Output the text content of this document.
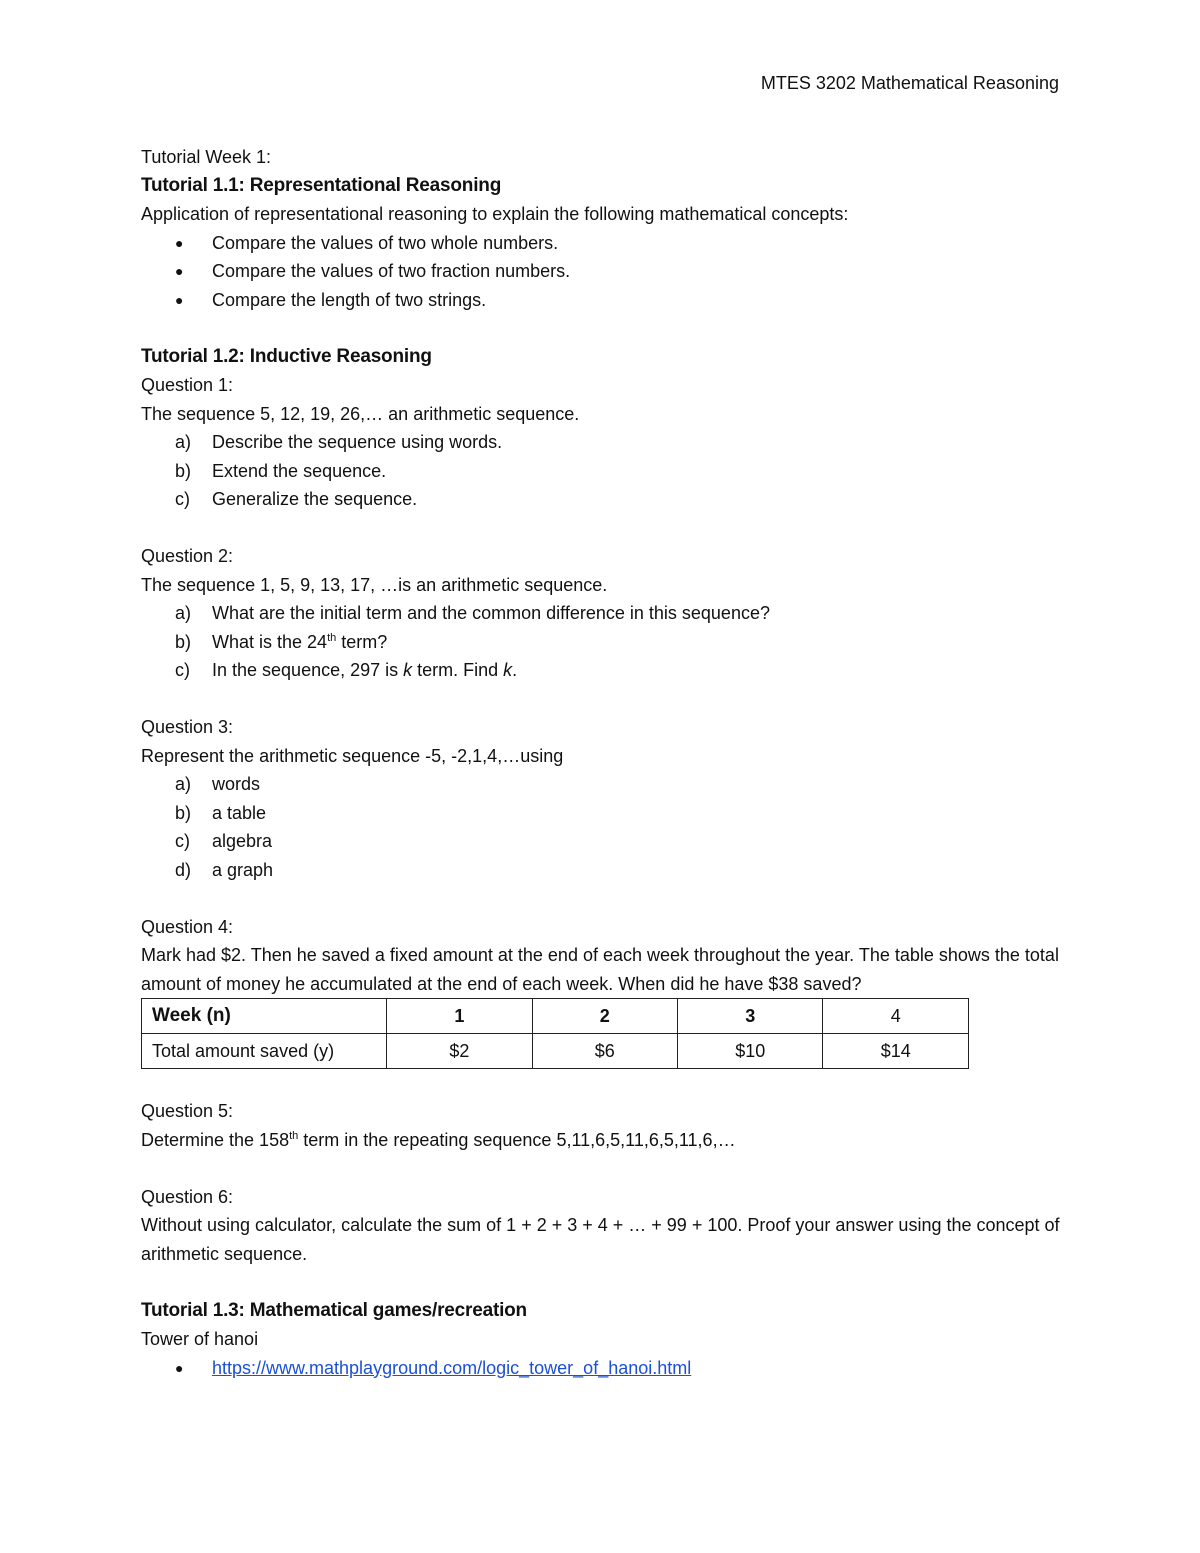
MTES 3202 Mathematical Reasoning
Tutorial Week 1:
Tutorial 1.1: Representational Reasoning
Application of representational reasoning to explain the following mathematical concepts:
● Compare the values of two whole numbers.
● Compare the values of two fraction numbers.
● Compare the length of two strings.
Tutorial 1.2: Inductive Reasoning
Question 1:
The sequence 5, 12, 19, 26,… an arithmetic sequence.
a) Describe the sequence using words.
b) Extend the sequence.
c) Generalize the sequence.
Question 2:
The sequence 1, 5, 9, 13, 17, …is an arithmetic sequence.
a) What are the initial term and the common difference in this sequence?
b) What is the 24th term?
c) In the sequence, 297 is k term. Find k.
Question 3:
Represent the arithmetic sequence -5, -2,1,4,…using
a) words
b) a table
c) algebra
d) a graph
Question 4:
Mark had $2. Then he saved a fixed amount at the end of each week throughout the year. The table shows the total amount of money he accumulated at the end of each week. When did he have $38 saved?
Week (n)	1	2	3	4
Total amount saved (y)	$2	$6	$10	$14
Question 5:
Determine the 158th term in the repeating sequence 5,11,6,5,11,6,5,11,6,…
Question 6:
Without using calculator, calculate the sum of 1 + 2 + 3 + 4 + … + 99 + 100. Proof your answer using the concept of arithmetic sequence.
Tutorial 1.3: Mathematical games/recreation
Tower of hanoi
● https://www.mathplayground.com/logic_tower_of_hanoi.html
